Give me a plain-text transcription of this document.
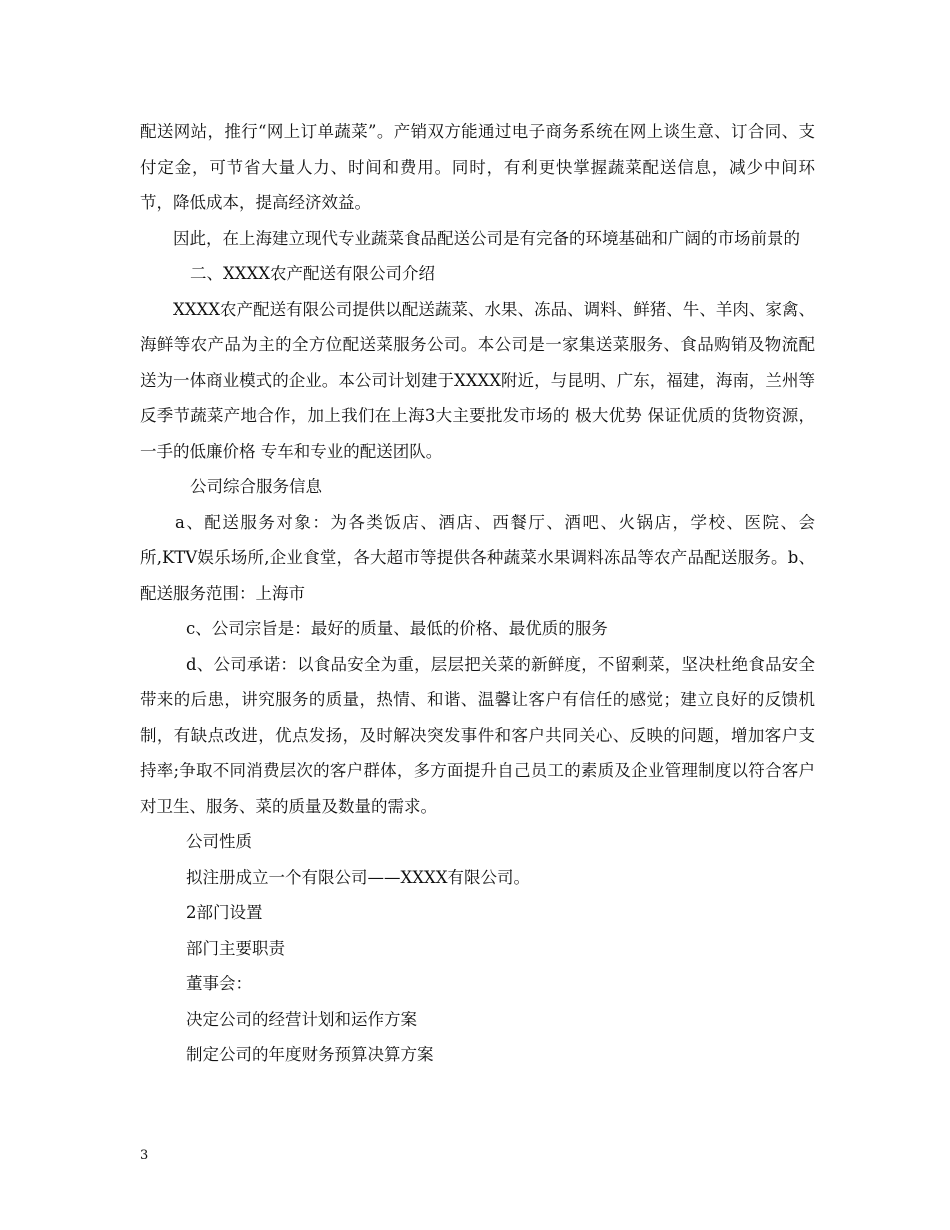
配送网站，推行“网上订单蔬菜”。产销双方能通过电子商务系统在网上谈生意、订合同、支付定金，可节省大量人力、时间和费用。同时，有利更快掌握蔬菜配送信息，减少中间环节，降低成本，提高经济效益。

因此，在上海建立现代专业蔬菜食品配送公司是有完备的环境基础和广阔的市场前景的

二、XXXX农产配送有限公司介绍

XXXX农产配送有限公司提供以配送蔬菜、水果、冻品、调料、鲜猪、牛、羊肉、家禽、海鲜等农产品为主的全方位配送菜服务公司。本公司是一家集送菜服务、食品购销及物流配送为一体商业模式的企业。本公司计划建于XXXX附近，与昆明、广东，福建，海南，兰州等反季节蔬菜产地合作，加上我们在上海3大主要批发市场的 极大优势 保证优质的货物资源，一手的低廉价格 专车和专业的配送团队。

公司综合服务信息

a、配送服务对象：为各类饭店、酒店、西餐厅、酒吧、火锅店，学校、医院、会所,KTV娱乐场所,企业食堂，各大超市等提供各种蔬菜水果调料冻品等农产品配送服务。b、配送服务范围：上海市

c、公司宗旨是：最好的质量、最低的价格、最优质的服务

d、公司承诺：以食品安全为重，层层把关菜的新鲜度，不留剩菜，坚决杜绝食品安全带来的后患，讲究服务的质量，热情、和谐、温馨让客户有信任的感觉；建立良好的反馈机制，有缺点改进，优点发扬，及时解决突发事件和客户共同关心、反映的问题，增加客户支持率;争取不同消费层次的客户群体，多方面提升自己员工的素质及企业管理制度以符合客户对卫生、服务、菜的质量及数量的需求。

公司性质

拟注册成立一个有限公司——XXXX有限公司。

2部门设置

部门主要职责

董事会：

决定公司的经营计划和运作方案

制定公司的年度财务预算决算方案

3
